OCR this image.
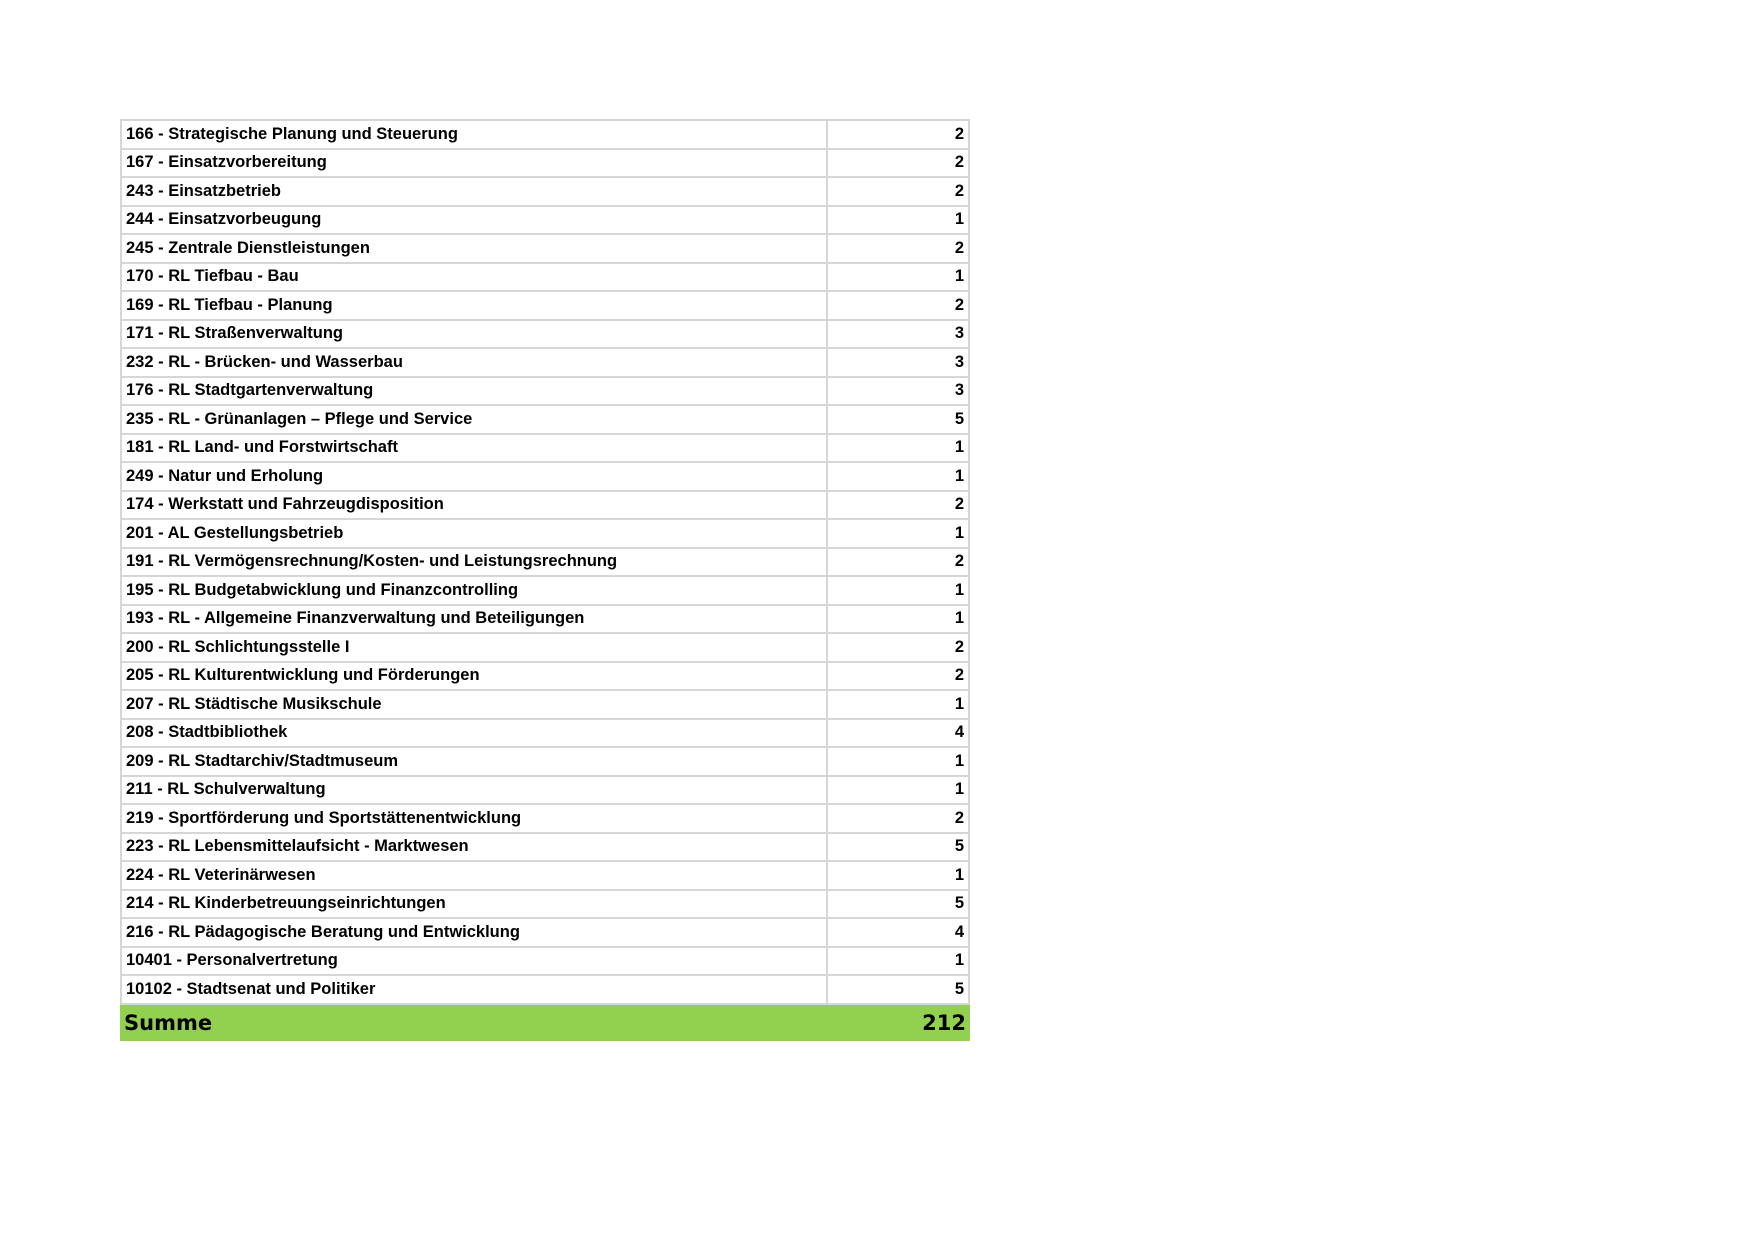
166 - Strategische Planung und Steuerung	2
167 - Einsatzvorbereitung	2
243 - Einsatzbetrieb	2
244 - Einsatzvorbeugung	1
245 - Zentrale Dienstleistungen	2
170 - RL Tiefbau - Bau	1
169 - RL Tiefbau - Planung	2
171 - RL Straßenverwaltung	3
232 - RL - Brücken- und Wasserbau	3
176 - RL Stadtgartenverwaltung	3
235 - RL - Grünanlagen – Pflege und Service	5
181 - RL Land- und Forstwirtschaft	1
249 - Natur und Erholung	1
174 - Werkstatt und Fahrzeugdisposition	2
201 - AL Gestellungsbetrieb	1
191 - RL Vermögensrechnung/Kosten- und Leistungsrechnung	2
195 - RL Budgetabwicklung und Finanzcontrolling	1
193 - RL - Allgemeine Finanzverwaltung und Beteiligungen	1
200 - RL Schlichtungsstelle I	2
205 - RL Kulturentwicklung und Förderungen	2
207 - RL Städtische Musikschule	1
208 - Stadtbibliothek	4
209 - RL Stadtarchiv/Stadtmuseum	1
211 - RL Schulverwaltung	1
219 - Sportförderung und Sportstättenentwicklung	2
223 - RL Lebensmittelaufsicht - Marktwesen	5
224 - RL Veterinärwesen	1
214 - RL Kinderbetreuungseinrichtungen	5
216 - RL Pädagogische Beratung und Entwicklung	4
10401 - Personalvertretung	1
10102 - Stadtsenat und Politiker	5
Summe	212
